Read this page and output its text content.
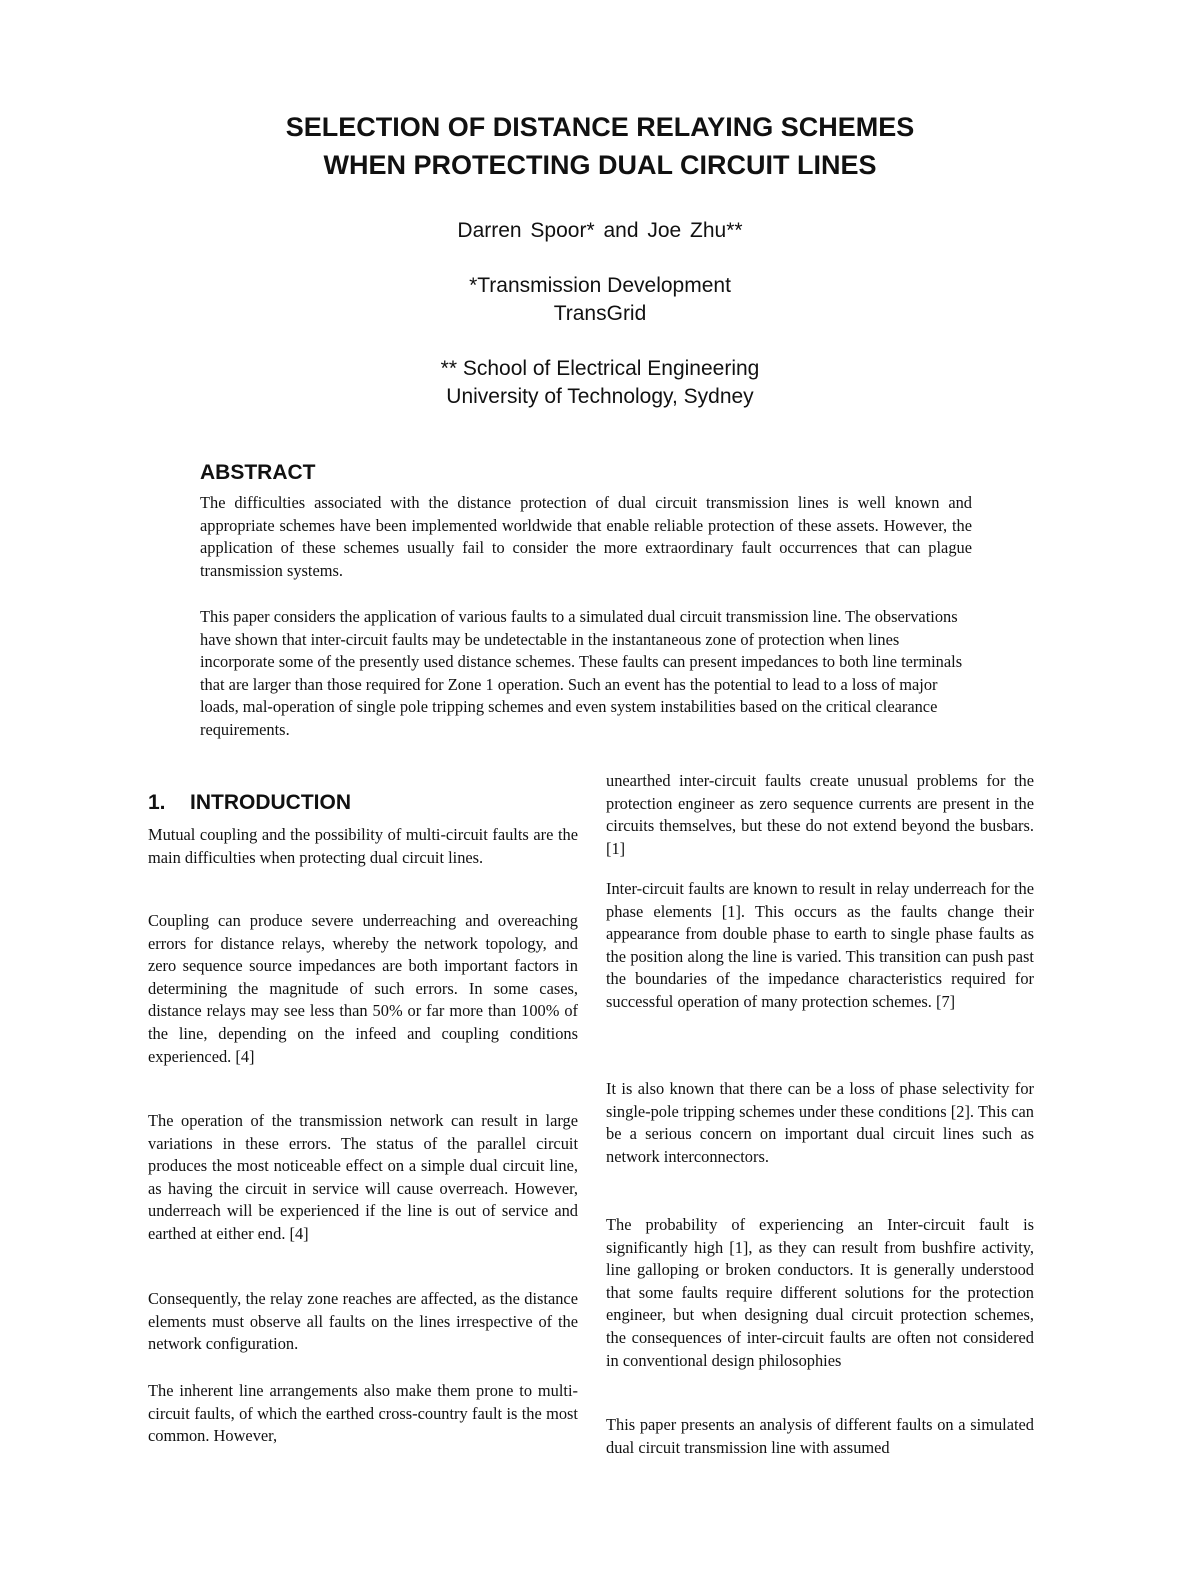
SELECTION OF DISTANCE RELAYING SCHEMES
WHEN PROTECTING DUAL CIRCUIT LINES
Darren Spoor* and Joe Zhu**
*Transmission Development
TransGrid
** School of Electrical Engineering
University of Technology, Sydney
ABSTRACT

The difficulties associated with the distance protection of dual circuit transmission lines is well known and appropriate schemes have been implemented worldwide that enable reliable protection of these assets. However, the application of these schemes usually fail to consider the more extraordinary fault occurrences that can plague transmission systems.

This paper considers the application of various faults to a simulated dual circuit transmission line. The observations have shown that inter-circuit faults may be undetectable in the instantaneous zone of protection when lines incorporate some of the presently used distance schemes. These faults can present impedances to both line terminals that are larger than those required for Zone 1 operation. Such an event has the potential to lead to a loss of major loads, mal-operation of single pole tripping schemes and even system instabilities based on the critical clearance requirements.

1. INTRODUCTION

Mutual coupling and the possibility of multi-circuit faults are the main difficulties when protecting dual circuit lines.

Coupling can produce severe underreaching and overeaching errors for distance relays, whereby the network topology, and zero sequence source impedances are both important factors in determining the magnitude of such errors. In some cases, distance relays may see less than 50% or far more than 100% of the line, depending on the infeed and coupling conditions experienced. [4]

The operation of the transmission network can result in large variations in these errors. The status of the parallel circuit produces the most noticeable effect on a simple dual circuit line, as having the circuit in service will cause overreach. However, underreach will be experienced if the line is out of service and earthed at either end. [4]

Consequently, the relay zone reaches are affected, as the distance elements must observe all faults on the lines irrespective of the network configuration.

The inherent line arrangements also make them prone to multi-circuit faults, of which the earthed cross-country fault is the most common. However,

unearthed inter-circuit faults create unusual problems for the protection engineer as zero sequence currents are present in the circuits themselves, but these do not extend beyond the busbars. [1]

Inter-circuit faults are known to result in relay underreach for the phase elements [1]. This occurs as the faults change their appearance from double phase to earth to single phase faults as the position along the line is varied. This transition can push past the boundaries of the impedance characteristics required for successful operation of many protection schemes. [7]

It is also known that there can be a loss of phase selectivity for single-pole tripping schemes under these conditions [2]. This can be a serious concern on important dual circuit lines such as network interconnectors.

The probability of experiencing an Inter-circuit fault is significantly high [1], as they can result from bushfire activity, line galloping or broken conductors. It is generally understood that some faults require different solutions for the protection engineer, but when designing dual circuit protection schemes, the consequences of inter-circuit faults are often not considered in conventional design philosophies

This paper presents an analysis of different faults on a simulated dual circuit transmission line with assumed
